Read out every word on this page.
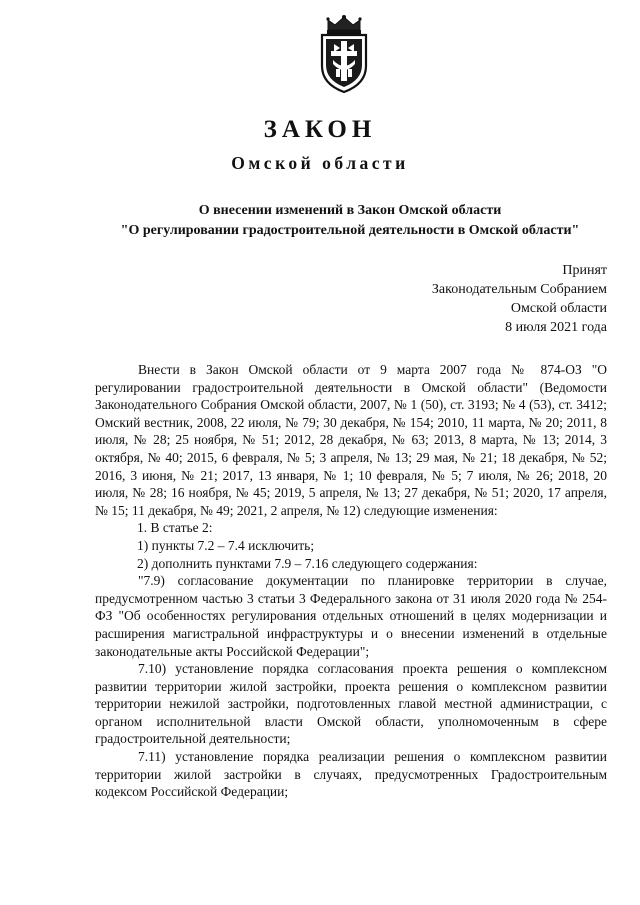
ЗАКОН
Омской области
О внесении изменений в Закон Омской области
"О регулировании градостроительной деятельности в Омской области"
Принят
Законодательным Собранием
Омской области
8 июля 2021 года

Внести в Закон Омской области от 9 марта 2007 года № 874-ОЗ "О регулировании градостроительной деятельности в Омской области" (Ведомости Законодательного Собрания Омской области, 2007, № 1 (50), ст. 3193; № 4 (53), ст. 3412; Омский вестник, 2008, 22 июля, № 79; 30 декабря, № 154; 2010, 11 марта, № 20; 2011, 8 июля, № 28; 25 ноября, № 51; 2012, 28 декабря, № 63; 2013, 8 марта, № 13; 2014, 3 октября, № 40; 2015, 6 февраля, № 5; 3 апреля, № 13; 29 мая, № 21; 18 декабря, № 52; 2016, 3 июня, № 21; 2017, 13 января, № 1; 10 февраля, № 5; 7 июля, № 26; 2018, 20 июля, № 28; 16 ноября, № 45; 2019, 5 апреля, № 13; 27 декабря, № 51; 2020, 17 апреля, № 15; 11 декабря, № 49; 2021, 2 апреля, № 12) следующие изменения:

1. В статье 2:

1) пункты 7.2 – 7.4 исключить;

2) дополнить пунктами 7.9 – 7.16 следующего содержания:

"7.9) согласование документации по планировке территории в случае, предусмотренном частью 3 статьи 3 Федерального закона от 31 июля 2020 года № 254-ФЗ "Об особенностях регулирования отдельных отношений в целях модернизации и расширения магистральной инфраструктуры и о внесении изменений в отдельные законодательные акты Российской Федерации";

7.10) установление порядка согласования проекта решения о комплексном развитии территории жилой застройки, проекта решения о комплексном развитии территории нежилой застройки, подготовленных главой местной администрации, с органом исполнительной власти Омской области, уполномоченным в сфере градостроительной деятельности;

7.11) установление порядка реализации решения о комплексном развитии территории жилой застройки в случаях, предусмотренных Градостроительным кодексом Российской Федерации;
